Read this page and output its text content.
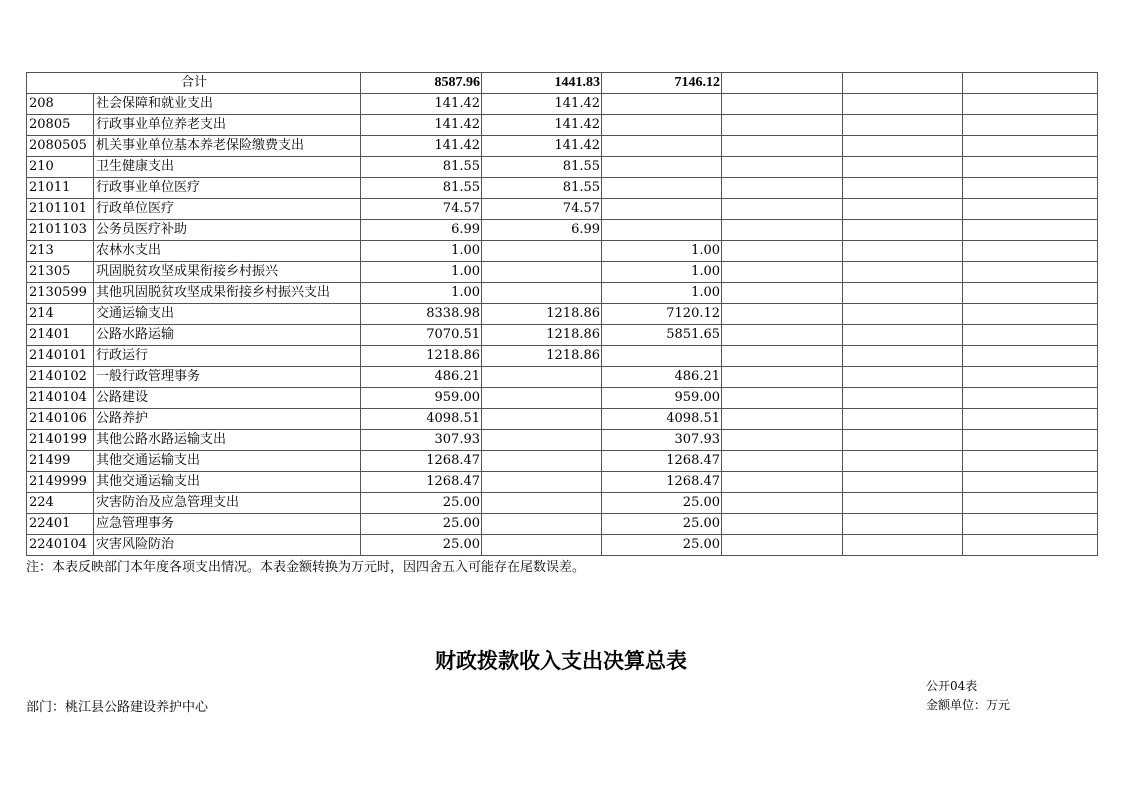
合计		8587.96	1441.83	7146.12			
208	社会保障和就业支出	141.42	141.42				
20805	行政事业单位养老支出	141.42	141.42				
2080505	机关事业单位基本养老保险缴费支出	141.42	141.42				
210	卫生健康支出	81.55	81.55				
21011	行政事业单位医疗	81.55	81.55				
2101101	行政单位医疗	74.57	74.57				
2101103	公务员医疗补助	6.99	6.99				
213	农林水支出	1.00		1.00			
21305	巩固脱贫攻坚成果衔接乡村振兴	1.00		1.00			
2130599	其他巩固脱贫攻坚成果衔接乡村振兴支出	1.00		1.00			
214	交通运输支出	8338.98	1218.86	7120.12			
21401	公路水路运输	7070.51	1218.86	5851.65			
2140101	行政运行	1218.86	1218.86				
2140102	一般行政管理事务	486.21		486.21			
2140104	公路建设	959.00		959.00			
2140106	公路养护	4098.51		4098.51			
2140199	其他公路水路运输支出	307.93		307.93			
21499	其他交通运输支出	1268.47		1268.47			
2149999	其他交通运输支出	1268.47		1268.47			
224	灾害防治及应急管理支出	25.00		25.00			
22401	应急管理事务	25.00		25.00			
2240104	灾害风险防治	25.00		25.00			
注：本表反映部门本年度各项支出情况。本表金额转换为万元时，因四舍五入可能存在尾数误差。
财政拨款收入支出决算总表
公开04表
部门：桃江县公路建设养护中心	金额单位：万元
